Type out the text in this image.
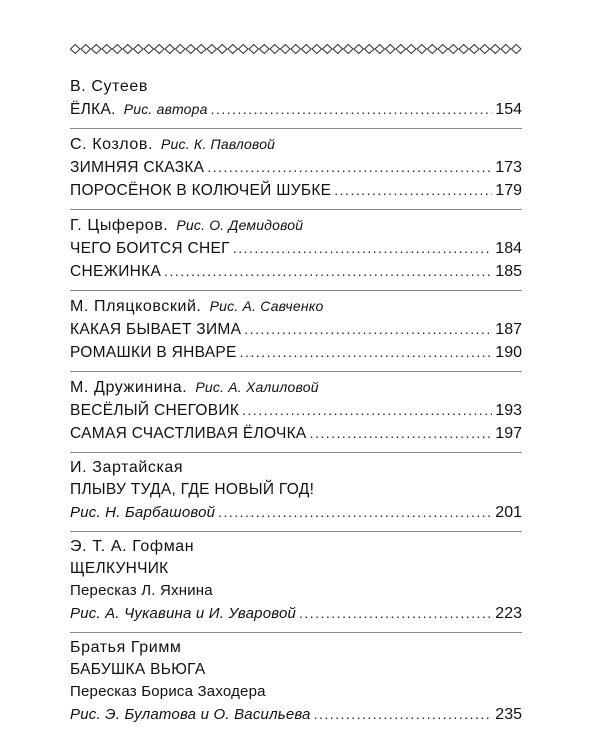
В. Сутеев
ЁЛКА. Рис. автора . . .	154
С. Козлов. Рис. К. Павловой
ЗИМНЯЯ СКАЗКА . . .	173
ПОРОСЁНОК В КОЛЮЧЕЙ ШУБКЕ . . .	179
Г. Цыферов. Рис. О. Демидовой
ЧЕГО БОИТСЯ СНЕГ . . .	184
СНЕЖИНКА . . .	185
М. Пляцковский. Рис. А. Савченко
КАКАЯ БЫВАЕТ ЗИМА . . .	187
РОМАШКИ В ЯНВАРЕ . . .	190
М. Дружинина. Рис. А. Халиловой
ВЕСЁЛЫЙ СНЕГОВИК . . .	193
САМАЯ СЧАСТЛИВАЯ ЁЛОЧКА . . .	197
И. Зартайская
ПЛЫВУ ТУДА, ГДЕ НОВЫЙ ГОД!
Рис. Н. Барбашовой . . .	201
Э. Т. А. Гофман
ЩЕЛКУНЧИК
Пересказ Л. Яхнина
Рис. А. Чукавина и И. Уваровой . . .	223
Братья Гримм
БАБУШКА ВЬЮГА
Пересказ Бориса Заходера
Рис. Э. Булатова и О. Васильева . . .	235
